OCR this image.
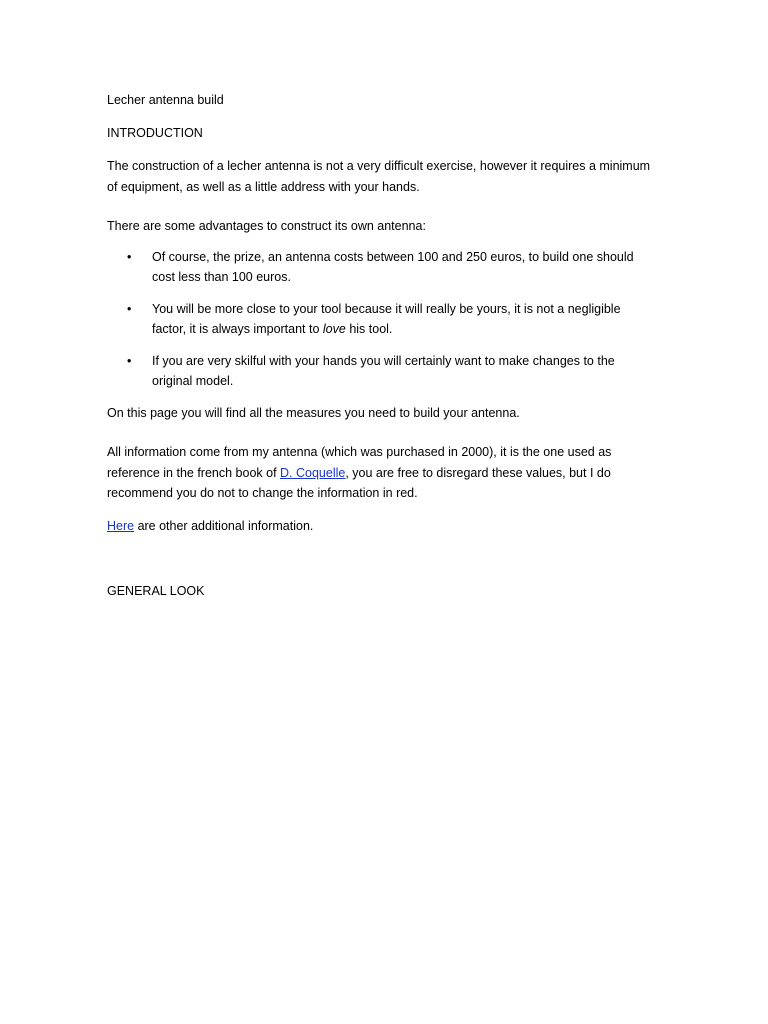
Lecher antenna build

INTRODUCTION

The construction of a lecher antenna is not a very difficult exercise, however it requires a minimum of equipment, as well as a little address with your hands.

There are some advantages to construct its own antenna:

• Of course, the prize, an antenna costs between 100 and 250 euros, to build one should cost less than 100 euros.
• You will be more close to your tool because it will really be yours, it is not a negligible factor, it is always important to love his tool.
• If you are very skilful with your hands you will certainly want to make changes to the original model.

On this page you will find all the measures you need to build your antenna.

All information come from my antenna (which was purchased in 2000), it is the one used as reference in the french book of D. Coquelle, you are free to disregard these values, but I do recommend you do not to change the information in red.

Here are other additional information.

GENERAL LOOK
